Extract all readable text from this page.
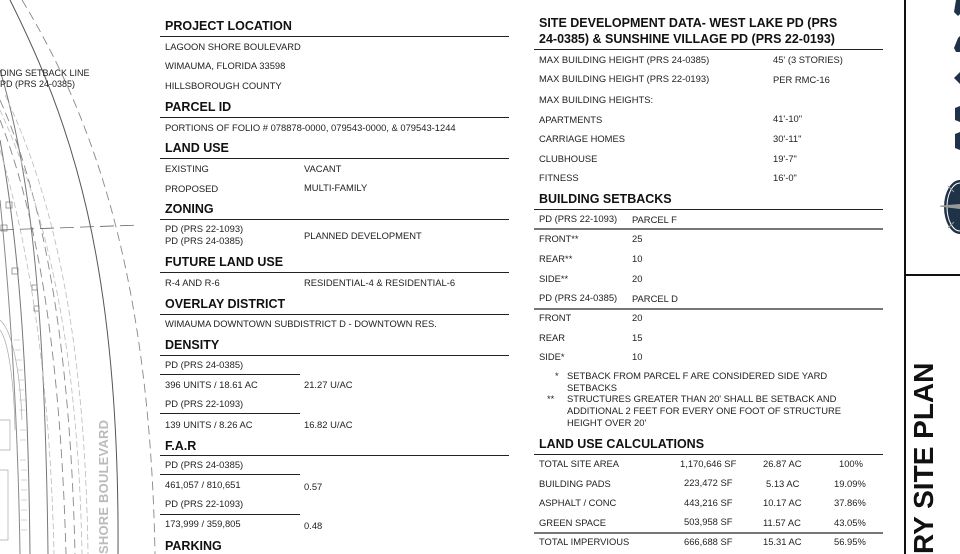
DING SETBACK LINE
PD (PRS 24-0385)
SHORE BOULEVARD
PROJECT LOCATION
LAGOON SHORE BOULEVARD
WIMAUMA, FLORIDA 33598
HILLSBOROUGH COUNTY
PARCEL ID
PORTIONS OF FOLIO # 078878-0000, 079543-0000, & 079543-1244
LAND USE
EXISTING	VACANT
PROPOSED	MULTI-FAMILY
ZONING
PD (PRS 22-1093)
PD (PRS 24-0385)	PLANNED DEVELOPMENT
FUTURE LAND USE
R-4 AND R-6	RESIDENTIAL-4 & RESIDENTIAL-6
OVERLAY DISTRICT
WIMAUMA DOWNTOWN SUBDISTRICT D - DOWNTOWN RES.
DENSITY
PD (PRS 24-0385)
396 UNITS / 18.61 AC	21.27 U/AC
PD (PRS 22-1093)
139 UNITS / 8.26 AC	16.82 U/AC
F.A.R
PD (PRS 24-0385)
461,057 / 810,651	0.57
PD (PRS 22-1093)
173,999 / 359,805	0.48
PARKING
SITE DEVELOPMENT DATA- WEST LAKE PD (PRS
24-0385) & SUNSHINE VILLAGE PD (PRS 22-0193)
MAX BUILDING HEIGHT (PRS 24-0385)	45' (3 STORIES)
MAX BUILDING HEIGHT (PRS 22-0193)	PER RMC-16
MAX BUILDING HEIGHTS:
APARTMENTS	41'-10"
CARRIAGE HOMES	30'-11"
CLUBHOUSE	19'-7"
FITNESS	16'-0"
BUILDING SETBACKS
PD (PRS 22-1093) PARCEL F
FRONT**	25
REAR**	10
SIDE**	20
PD (PRS 24-0385) PARCEL D
FRONT	20
REAR	15
SIDE*	10
* SETBACK FROM PARCEL F ARE CONSIDERED SIDE YARD
SETBACKS
** STRUCTURES GREATER THAN 20' SHALL BE SETBACK AND
ADDITIONAL 2 FEET FOR EVERY ONE FOOT OF STRUCTURE
HEIGHT OVER 20'
LAND USE CALCULATIONS
TOTAL SITE AREA	1,170,646 SF	26.87 AC	100%
BUILDING PADS	223,472 SF	5.13 AC	19.09%
ASPHALT / CONC	443,216 SF	10.17 AC	37.86%
GREEN SPACE	503,958 SF	11.57 AC	43.05%
TOTAL IMPERVIOUS	666,688 SF	15.31 AC	56.95% RY SITE PLAN
